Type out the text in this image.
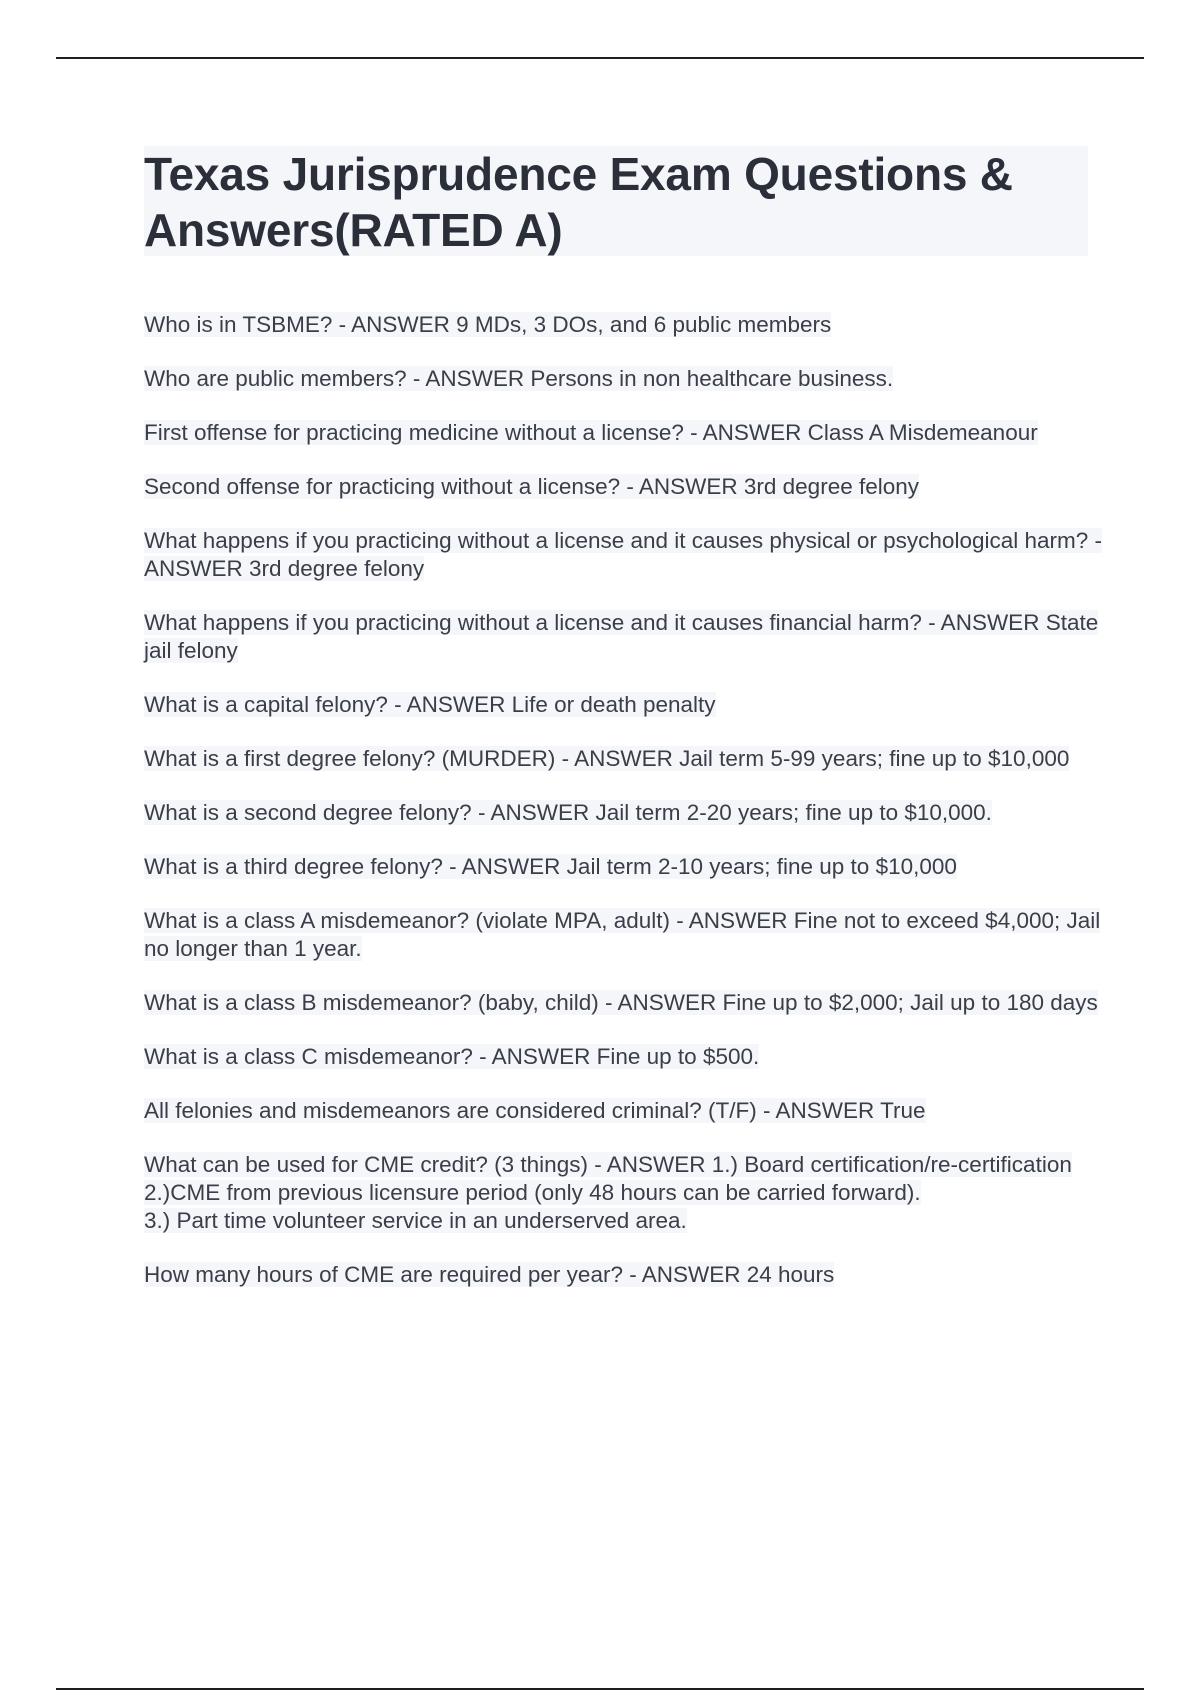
Texas Jurisprudence Exam Questions & Answers(RATED A)

Who is in TSBME? - ANSWER 9 MDs, 3 DOs, and 6 public members

Who are public members? - ANSWER Persons in non healthcare business.

First offense for practicing medicine without a license? - ANSWER Class A Misdemeanour

Second offense for practicing without a license? - ANSWER 3rd degree felony

What happens if you practicing without a license and it causes physical or psychological harm? - ANSWER 3rd degree felony

What happens if you practicing without a license and it causes financial harm? - ANSWER State jail felony

What is a capital felony? - ANSWER Life or death penalty

What is a first degree felony? (MURDER) - ANSWER Jail term 5-99 years; fine up to $10,000

What is a second degree felony? - ANSWER Jail term 2-20 years; fine up to $10,000.

What is a third degree felony? - ANSWER Jail term 2-10 years; fine up to $10,000

What is a class A misdemeanor? (violate MPA, adult) - ANSWER Fine not to exceed $4,000; Jail no longer than 1 year.

What is a class B misdemeanor? (baby, child) - ANSWER Fine up to $2,000; Jail up to 180 days

What is a class C misdemeanor? - ANSWER Fine up to $500.

All felonies and misdemeanors are considered criminal? (T/F) - ANSWER True

What can be used for CME credit? (3 things) - ANSWER 1.) Board certification/re-certification
2.)CME from previous licensure period (only 48 hours can be carried forward).
3.) Part time volunteer service in an underserved area.

How many hours of CME are required per year? - ANSWER 24 hours
